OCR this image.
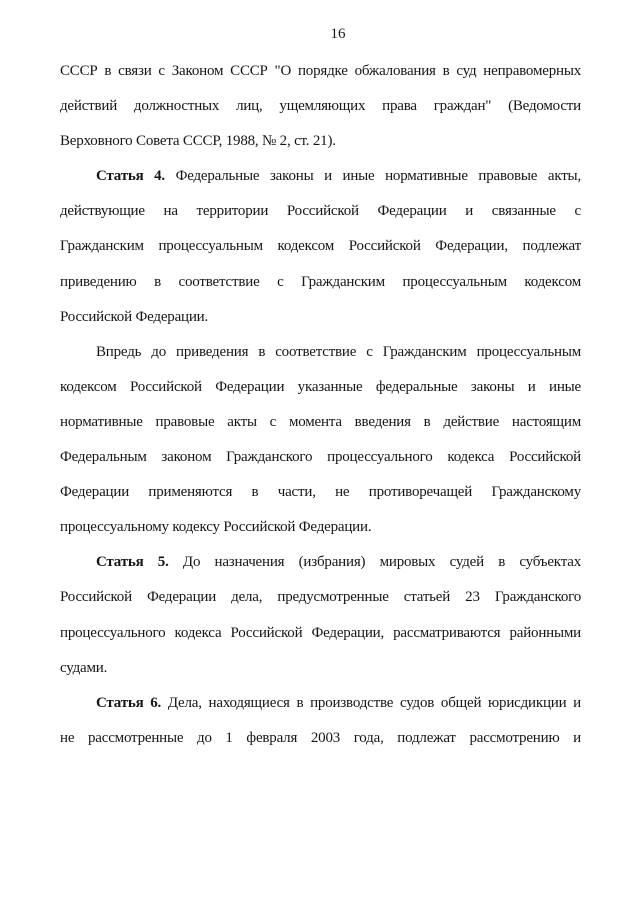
16
СССР в связи с Законом СССР "О порядке обжалования в суд неправомерных
действий должностных лиц, ущемляющих права граждан" (Ведомости
Верховного Совета СССР, 1988, № 2, ст. 21).
Статья 4. Федеральные законы и иные нормативные правовые акты,
действующие на территории Российской Федерации и связанные с
Гражданским процессуальным кодексом Российской Федерации, подлежат
приведению в соответствие с Гражданским процессуальным кодексом
Российской Федерации.
Впредь до приведения в соответствие с Гражданским процессуальным
кодексом Российской Федерации указанные федеральные законы и иные
нормативные правовые акты с момента введения в действие настоящим
Федеральным законом Гражданского процессуального кодекса Российской
Федерации применяются в части, не противоречащей Гражданскому
процессуальному кодексу Российской Федерации.
Статья 5. До назначения (избрания) мировых судей в субъектах
Российской Федерации дела, предусмотренные статьей 23 Гражданского
процессуального кодекса Российской Федерации, рассматриваются районными
судами.
Статья 6. Дела, находящиеся в производстве судов общей юрисдикции и
не рассмотренные до 1 февраля 2003 года, подлежат рассмотрению и
